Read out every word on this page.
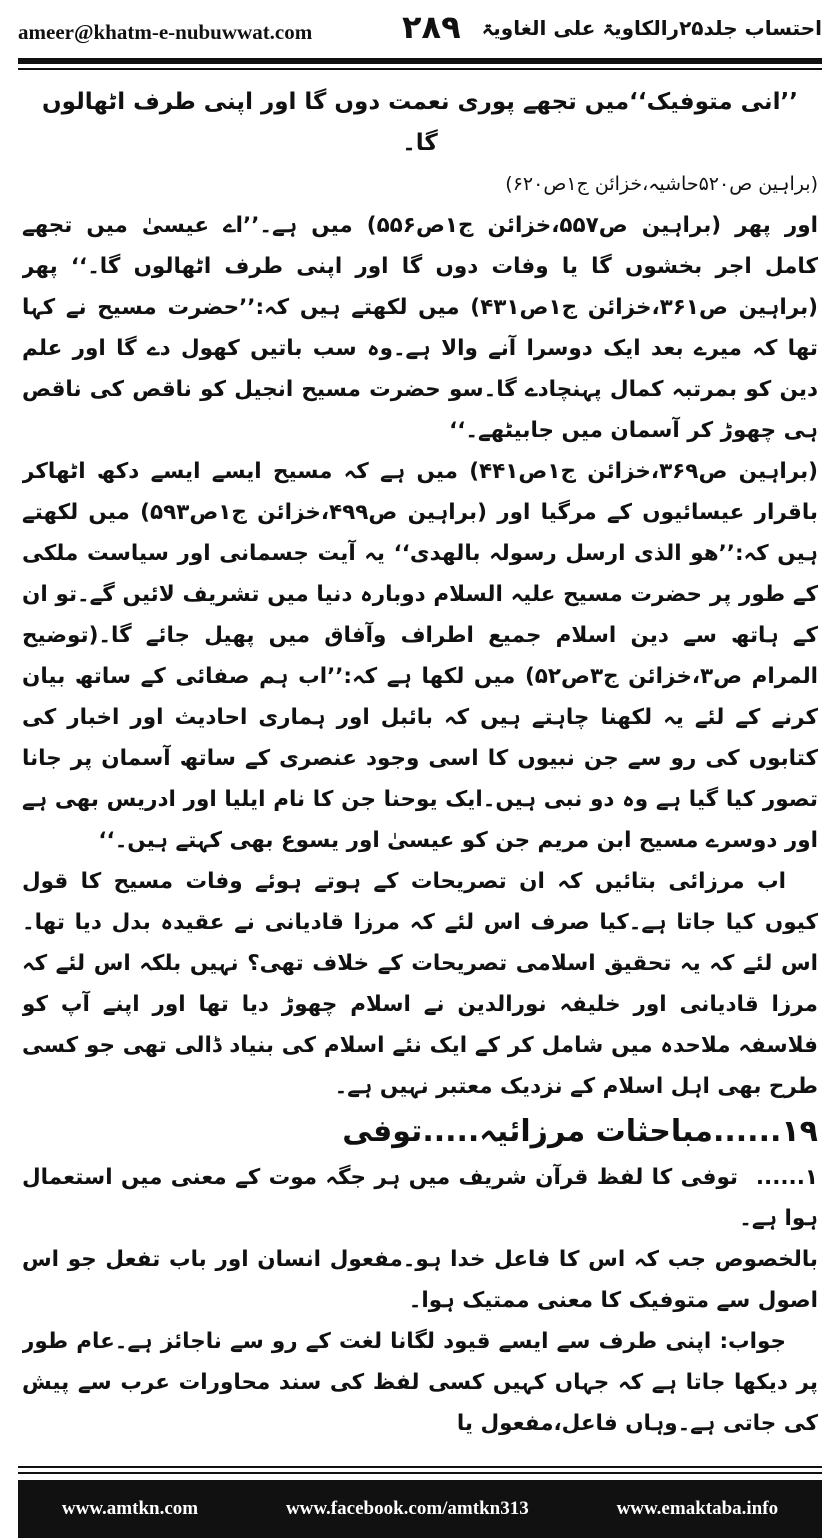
ameer@khatm-e-nubuwwat.com	۲۸۹ احتساب جلد۲۵رالکاویۃ علی الغاویۃ

’’انی متوفیک‘‘میں تجھے پوری نعمت دوں گا اور اپنی طرف اٹھالوں گا۔

(براہین ص۵۲۰حاشیہ،خزائن ج۱ص۶۲۰)

اور پھر (براہین ص۵۵۷،خزائن ج۱ص۵۵۶) میں ہے۔’’اے عیسیٰ میں تجھے کامل اجر بخشوں گا یا وفات دوں گا اور اپنی طرف اٹھالوں گا۔‘‘ پھر (براہین ص۳۶۱،خزائن ج۱ص۴۳۱) میں لکھتے ہیں کہ:’’حضرت مسیح نے کہا تھا کہ میرے بعد ایک دوسرا آنے والا ہے۔وہ سب باتیں کھول دے گا اور علم دین کو بمرتبہ کمال پہنچادے گا۔سو حضرت مسیح انجیل کو ناقص کی ناقص ہی چھوڑ کر آسمان میں جابیٹھے۔‘‘

(براہین ص۳۶۹،خزائن ج۱ص۴۴۱) میں ہے کہ مسیح ایسے ایسے دکھ اٹھاکر باقرار عیسائیوں کے مرگیا اور (براہین ص۴۹۹،خزائن ج۱ص۵۹۳) میں لکھتے ہیں کہ:’’ھو الذی ارسل رسولہ بالھدی‘‘ یہ آیت جسمانی اور سیاست ملکی کے طور پر حضرت مسیح علیہ السلام دوبارہ دنیا میں تشریف لائیں گے۔تو ان کے ہاتھ سے دین اسلام جمیع اطراف وآفاق میں پھیل جائے گا۔(توضیح المرام ص۳،خزائن ج۳ص۵۲) میں لکھا ہے کہ:’’اب ہم صفائی کے ساتھ بیان کرنے کے لئے یہ لکھنا چاہتے ہیں کہ بائبل اور ہماری احادیث اور اخبار کی کتابوں کی رو سے جن نبیوں کا اسی وجود عنصری کے ساتھ آسمان پر جانا تصور کیا گیا ہے وہ دو نبی ہیں۔ایک یوحنا جن کا نام ایلیا اور ادریس بھی ہے اور دوسرے مسیح ابن مریم جن کو عیسیٰ اور یسوع بھی کہتے ہیں۔‘‘

اب مرزائی بتائیں کہ ان تصریحات کے ہوتے ہوئے وفات مسیح کا قول کیوں کیا جاتا ہے۔کیا صرف اس لئے کہ مرزا قادیانی نے عقیدہ بدل دیا تھا۔اس لئے کہ یہ تحقیق اسلامی تصریحات کے خلاف تھی؟ نہیں بلکہ اس لئے کہ مرزا قادیانی اور خلیفہ نورالدین نے اسلام چھوڑ دیا تھا اور اپنے آپ کو فلاسفہ ملاحدہ میں شامل کر کے ایک نئے اسلام کی بنیاد ڈالی تھی جو کسی طرح بھی اہل اسلام کے نزدیک معتبر نہیں ہے۔

۱۹......مباحثات مرزائیہ.....توفی

۱......توفی کا لفظ قرآن شریف میں ہر جگہ موت کے معنی میں استعمال ہوا ہے۔

بالخصوص جب کہ اس کا فاعل خدا ہو۔مفعول انسان اور باب تفعل جو اس اصول سے متوفیک کا معنی ممتیک ہوا۔

جواب: اپنی طرف سے ایسے قیود لگانا لغت کے رو سے ناجائز ہے۔عام طور پر دیکھا جاتا ہے کہ جہاں کہیں کسی لفظ کی سند محاورات عرب سے پیش کی جاتی ہے۔وہاں فاعل،مفعول یا

www.amtkn.com	www.facebook.com/amtkn313	www.emaktaba.info
